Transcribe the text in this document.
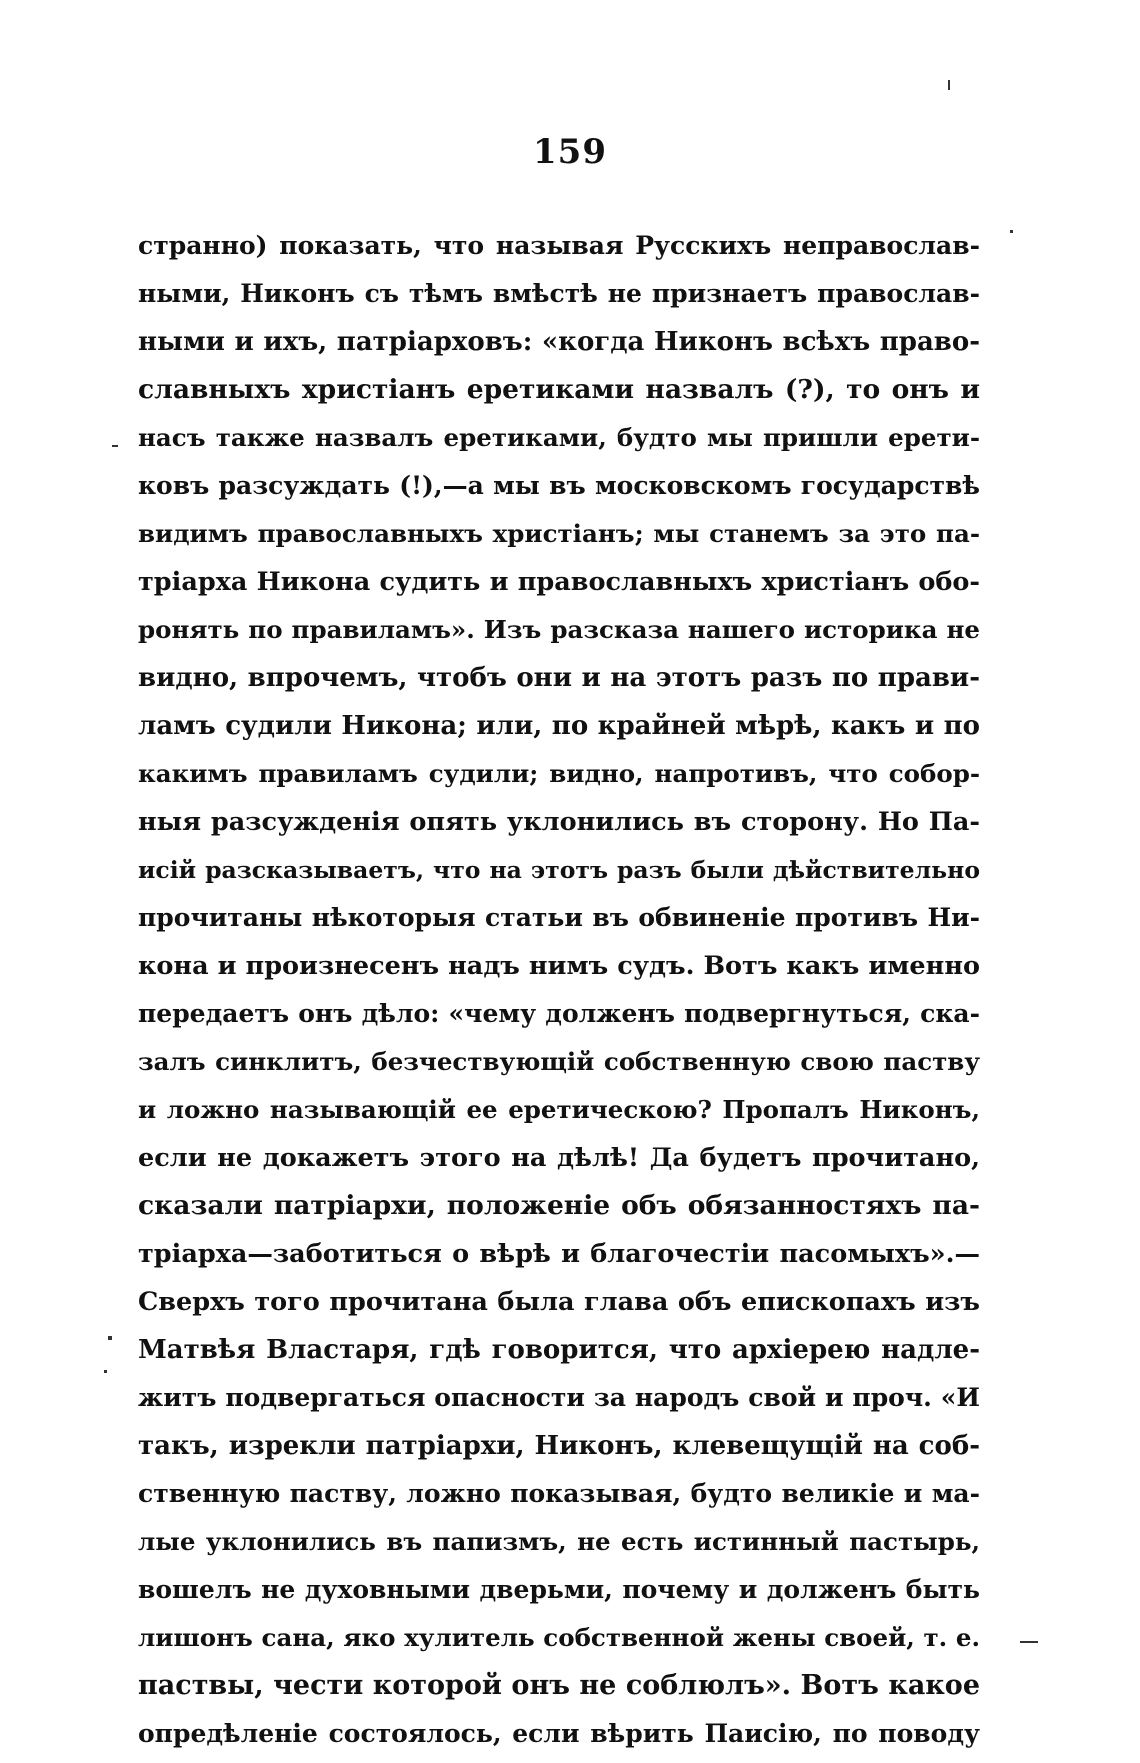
159
странно) показать, что называя Русскихъ неправослав-
ными, Никонъ съ тѣмъ вмѣстѣ не признаетъ православ-
ными и ихъ, патріарховъ: «когда Никонъ всѣхъ право-
славныхъ христіанъ еретиками назвалъ (?), то онъ и
насъ также назвалъ еретиками, будто мы пришли ерети-
ковъ разсуждать (!),—а мы въ московскомъ государствѣ
видимъ православныхъ христіанъ; мы станемъ за это па-
тріарха Никона судить и православныхъ христіанъ обо-
ронять по правиламъ». Изъ разсказа нашего историка не
видно, впрочемъ, чтобъ они и на этотъ разъ по прави-
ламъ судили Никона; или, по крайней мѣрѣ, какъ и по
какимъ правиламъ судили; видно, напротивъ, что собор-
ныя разсужденія опять уклонились въ сторону. Но Па-
исій разсказываетъ, что на этотъ разъ были дѣйствительно
прочитаны нѣкоторыя статьи въ обвиненіе противъ Ни-
кона и произнесенъ надъ нимъ судъ. Вотъ какъ именно
передаетъ онъ дѣло: «чему долженъ подвергнуться, ска-
залъ синклитъ, безчествующій собственную свою паству
и ложно называющій ее еретическою? Пропалъ Никонъ,
если не докажетъ этого на дѣлѣ! Да будетъ прочитано,
сказали патріархи, положеніе объ обязанностяхъ па-
тріарха—заботиться о вѣрѣ и благочестіи пасомыхъ».—
Сверхъ того прочитана была глава объ епископахъ изъ
Матвѣя Властаря, гдѣ говорится, что архіерею надле-
житъ подвергаться опасности за народъ свой и проч. «И
такъ, изрекли патріархи, Никонъ, клевещущій на соб-
ственную паству, ложно показывая, будто великіе и ма-
лые уклонились въ папизмъ, не есть истинный пастырь,
вошелъ не духовными дверьми, почему и долженъ быть
лишонъ сана, яко хулитель собственной жены своей, т. е.
паствы, чести которой онъ не соблюлъ». Вотъ какое
опредѣленіе состоялось, если вѣрить Паисію, по поводу
